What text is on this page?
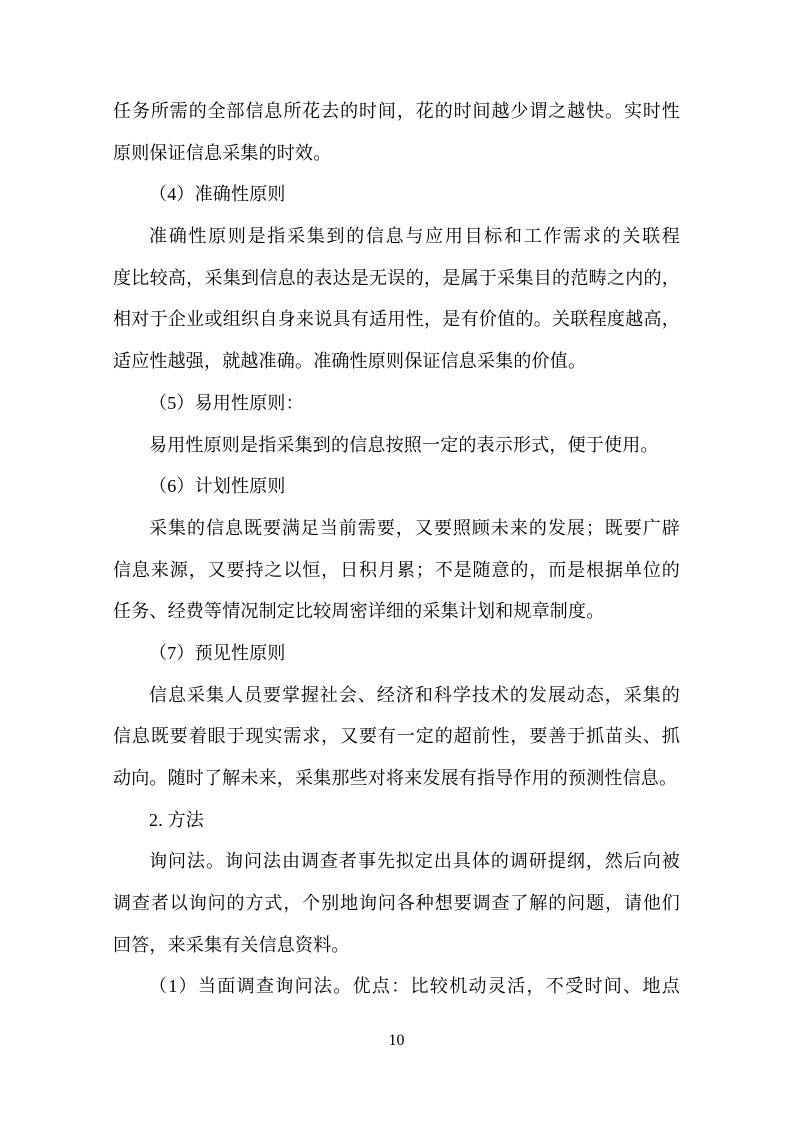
任务所需的全部信息所花去的时间，花的时间越少谓之越快。实时性
原则保证信息采集的时效。
（4）准确性原则
准确性原则是指采集到的信息与应用目标和工作需求的关联程
度比较高，采集到信息的表达是无误的，是属于采集目的范畴之内的，
相对于企业或组织自身来说具有适用性，是有价值的。关联程度越高，
适应性越强，就越准确。准确性原则保证信息采集的价值。
（5）易用性原则：
易用性原则是指采集到的信息按照一定的表示形式，便于使用。
（6）计划性原则
采集的信息既要满足当前需要，又要照顾未来的发展；既要广辟
信息来源，又要持之以恒，日积月累；不是随意的，而是根据单位的
任务、经费等情况制定比较周密详细的采集计划和规章制度。
（7）预见性原则
信息采集人员要掌握社会、经济和科学技术的发展动态，采集的
信息既要着眼于现实需求，又要有一定的超前性，要善于抓苗头、抓
动向。随时了解未来，采集那些对将来发展有指导作用的预测性信息。
2. 方法
询问法。询问法由调查者事先拟定出具体的调研提纲，然后向被
调查者以询问的方式，个别地询问各种想要调查了解的问题，请他们
回答，来采集有关信息资料。
（1）当面调查询问法。优点：比较机动灵活，不受时间、地点
10
